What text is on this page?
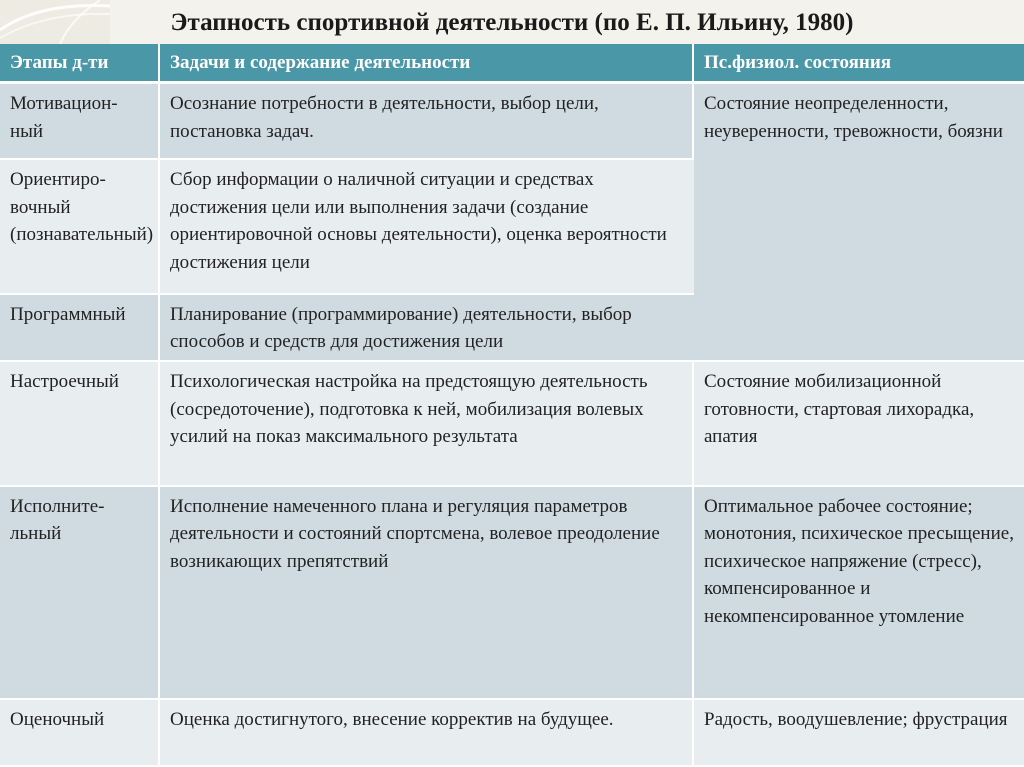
Этапность спортивной деятельности (по Е. П. Ильину, 1980)
Этапы д-ти	Задачи и содержание деятельности	Пс.физиол. состояния
Мотивацион-ный	Осознание потребности в деятельности, выбор цели, постановка задач.	Состояние неопределенности, неуверенности, тревожности, боязни
Ориентиро-вочный (познавательный)	Сбор информации о наличной ситуации и средствах достижения цели или выполнения задачи (создание ориентировочной основы деятельности), оценка вероятности достижения цели	
Программный	Планирование (программирование) деятельности, выбор способов и средств для достижения цели	
Настроечный	Психологическая настройка на предстоящую деятельность (сосредоточение), подготовка к ней, мобилизация волевых усилий на показ максимального результата	Состояние мобилизационной готовности, стартовая лихорадка, апатия
Исполните-льный	Исполнение намеченного плана и регуляция параметров деятельности и состояний спортсмена, волевое преодоление возникающих препятствий	Оптимальное рабочее состояние; монотония, психическое пресыщение, психическое напряжение (стресс), компенсированное и некомпенсированное утомление
Оценочный	Оценка достигнутого, внесение корректив на будущее.	Радость, воодушевление; фрустрация
